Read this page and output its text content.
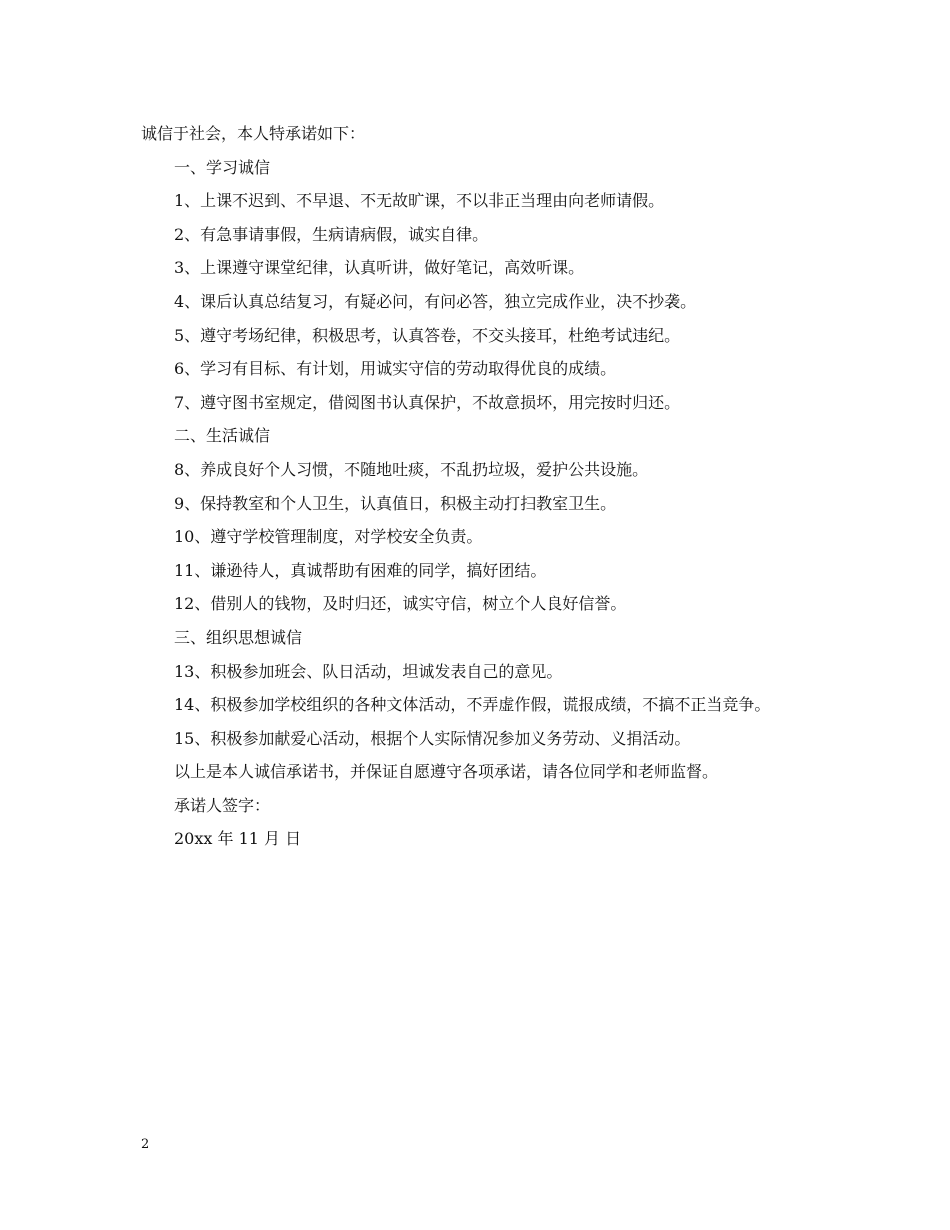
诚信于社会，本人特承诺如下：
一、学习诚信
1、上课不迟到、不早退、不无故旷课，不以非正当理由向老师请假。
2、有急事请事假，生病请病假，诚实自律。
3、上课遵守课堂纪律，认真听讲，做好笔记，高效听课。
4、课后认真总结复习，有疑必问，有问必答，独立完成作业，决不抄袭。
5、遵守考场纪律，积极思考，认真答卷，不交头接耳，杜绝考试违纪。
6、学习有目标、有计划，用诚实守信的劳动取得优良的成绩。
7、遵守图书室规定，借阅图书认真保护，不故意损坏，用完按时归还。
二、生活诚信
8、养成良好个人习惯，不随地吐痰，不乱扔垃圾，爱护公共设施。
9、保持教室和个人卫生，认真值日，积极主动打扫教室卫生。
10、遵守学校管理制度，对学校安全负责。
11、谦逊待人，真诚帮助有困难的同学，搞好团结。
12、借别人的钱物，及时归还，诚实守信，树立个人良好信誉。
三、组织思想诚信
13、积极参加班会、队日活动，坦诚发表自己的意见。
14、积极参加学校组织的各种文体活动，不弄虚作假，谎报成绩，不搞不正当竞争。
15、积极参加献爱心活动，根据个人实际情况参加义务劳动、义捐活动。
以上是本人诚信承诺书，并保证自愿遵守各项承诺，请各位同学和老师监督。
承诺人签字：
20xx 年 11 月 日
2
